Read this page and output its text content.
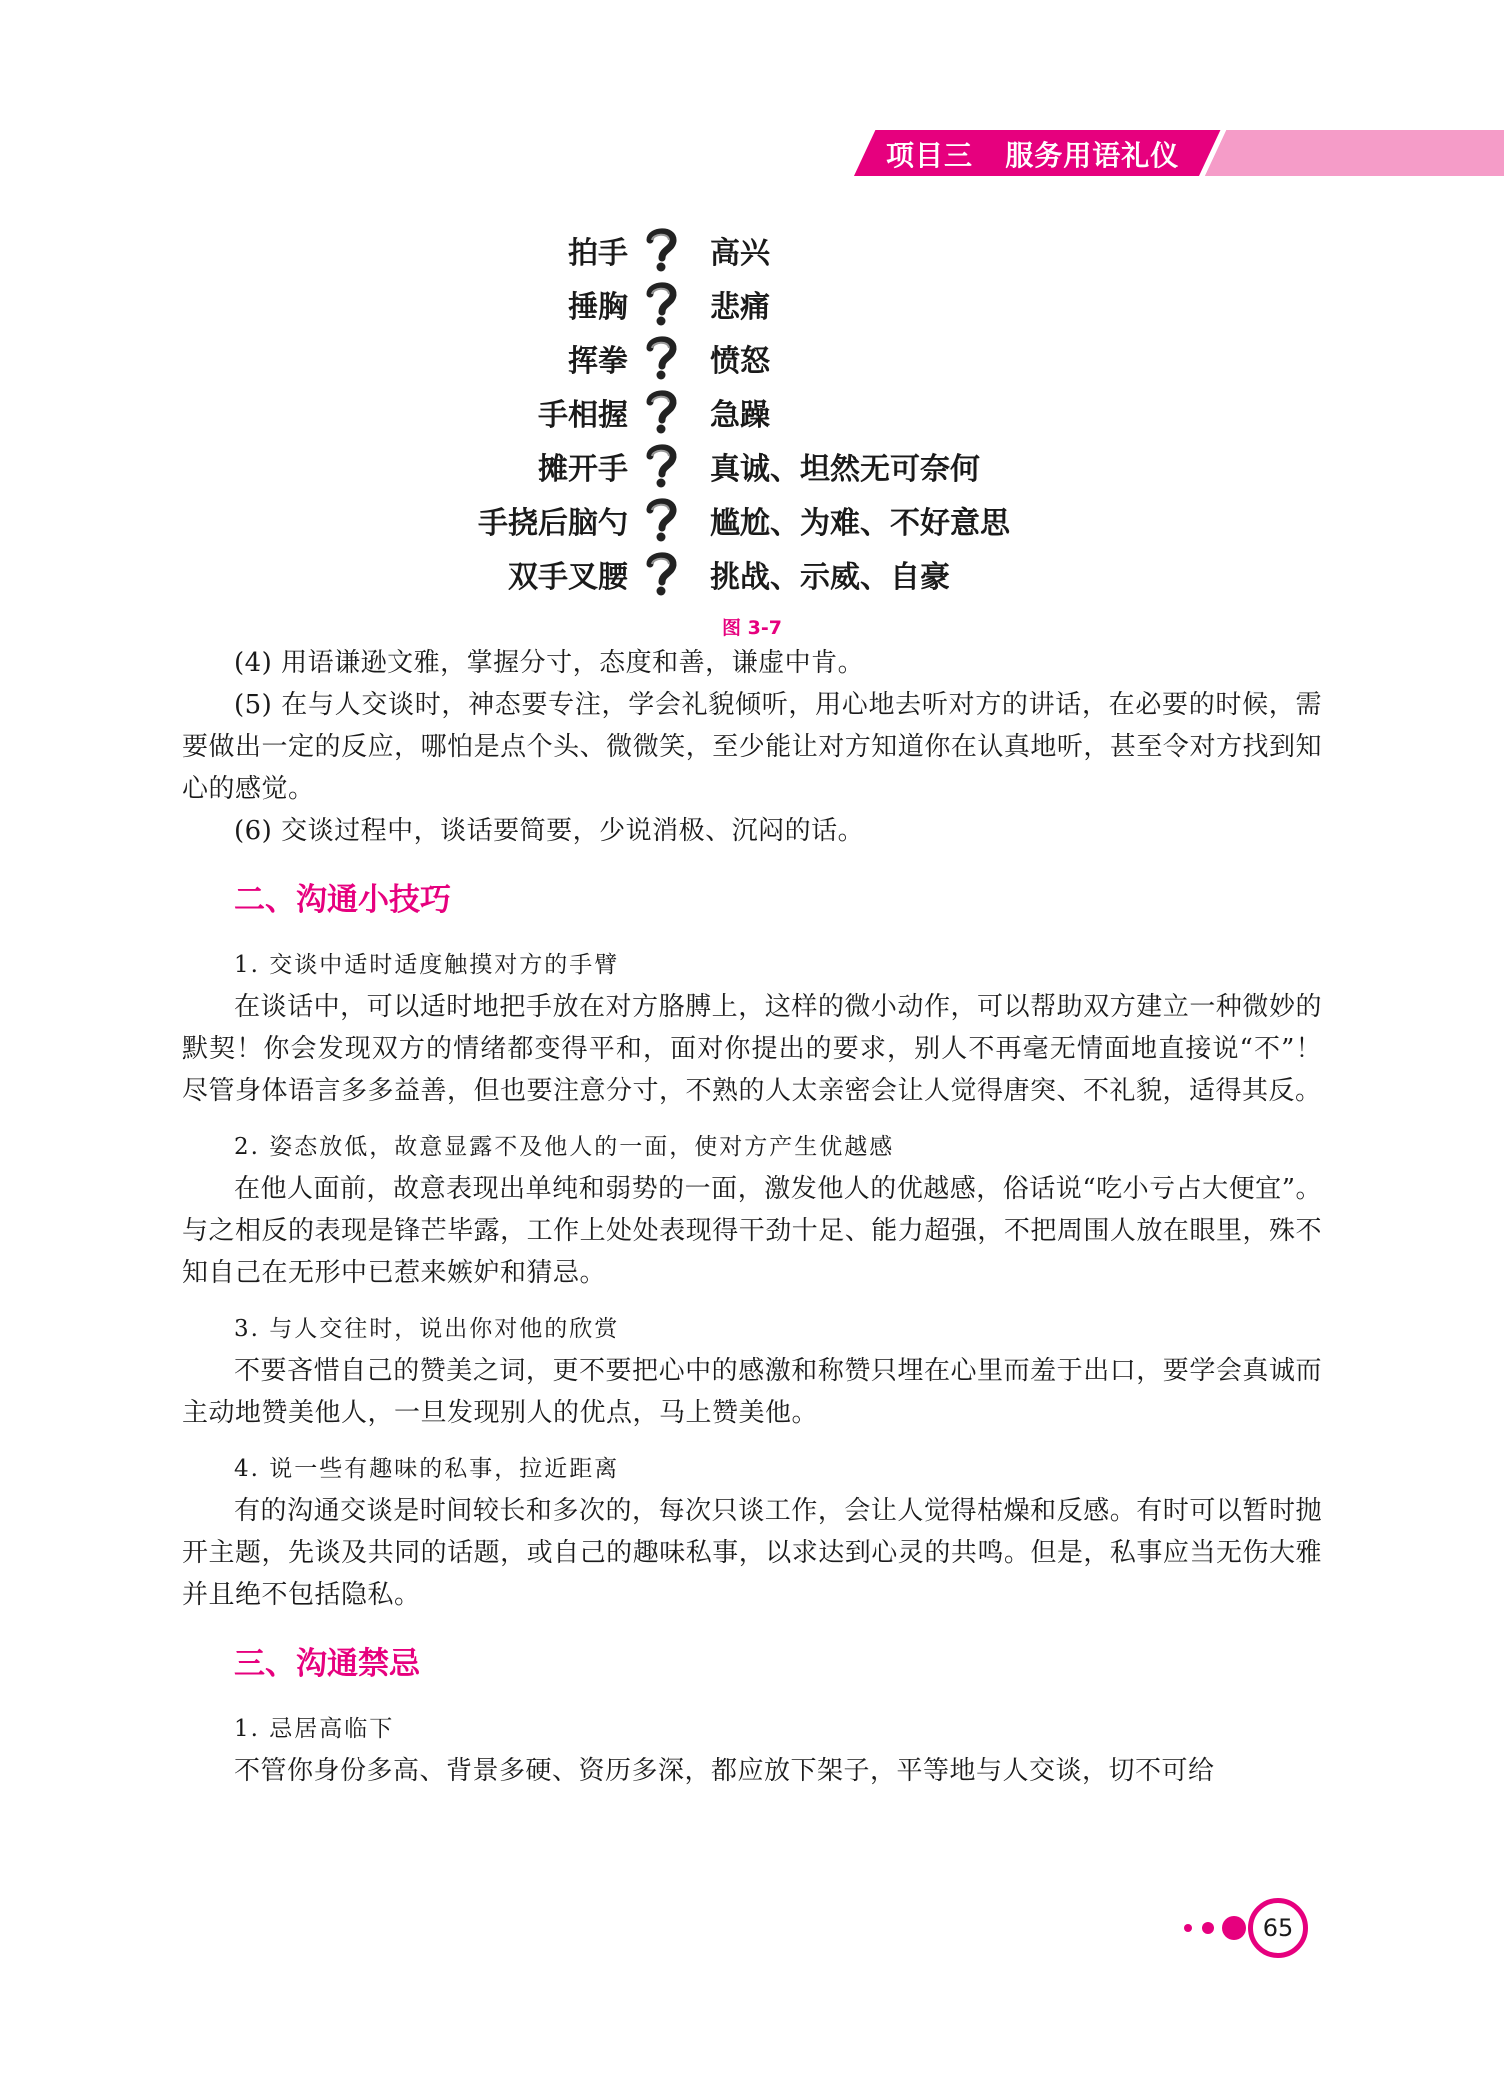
项目三   服务用语礼仪
拍手	高兴
捶胸	悲痛
挥拳	愤怒
手相握	急躁
摊开手	真诚、坦然无可奈何
手挠后脑勺	尴尬、为难、不好意思
双手叉腰	挑战、示威、自豪
图 3-7

(4) 用语谦逊文雅，掌握分寸，态度和善，谦虚中肯。

(5) 在与人交谈时，神态要专注，学会礼貌倾听，用心地去听对方的讲话，在必要的时候，需要做出一定的反应，哪怕是点个头、微微笑，至少能让对方知道你在认真地听，甚至令对方找到知心的感觉。

(6) 交谈过程中，谈话要简要，少说消极、沉闷的话。

二、沟通小技巧
1. 交谈中适时适度触摸对方的手臂

在谈话中，可以适时地把手放在对方胳膊上，这样的微小动作，可以帮助双方建立一种微妙的默契！你会发现双方的情绪都变得平和，面对你提出的要求，别人不再毫无情面地直接说“不”！尽管身体语言多多益善，但也要注意分寸，不熟的人太亲密会让人觉得唐突、不礼貌，适得其反。

2. 姿态放低，故意显露不及他人的一面，使对方产生优越感

在他人面前，故意表现出单纯和弱势的一面，激发他人的优越感，俗话说“吃小亏占大便宜”。与之相反的表现是锋芒毕露，工作上处处表现得干劲十足、能力超强，不把周围人放在眼里，殊不知自己在无形中已惹来嫉妒和猜忌。

3. 与人交往时，说出你对他的欣赏

不要吝惜自己的赞美之词，更不要把心中的感激和称赞只埋在心里而羞于出口，要学会真诚而主动地赞美他人，一旦发现别人的优点，马上赞美他。

4. 说一些有趣味的私事，拉近距离

有的沟通交谈是时间较长和多次的，每次只谈工作，会让人觉得枯燥和反感。有时可以暂时抛开主题，先谈及共同的话题，或自己的趣味私事，以求达到心灵的共鸣。但是，私事应当无伤大雅并且绝不包括隐私。

三、沟通禁忌
1. 忌居高临下

不管你身份多高、背景多硬、资历多深，都应放下架子，平等地与人交谈，切不可给

65
